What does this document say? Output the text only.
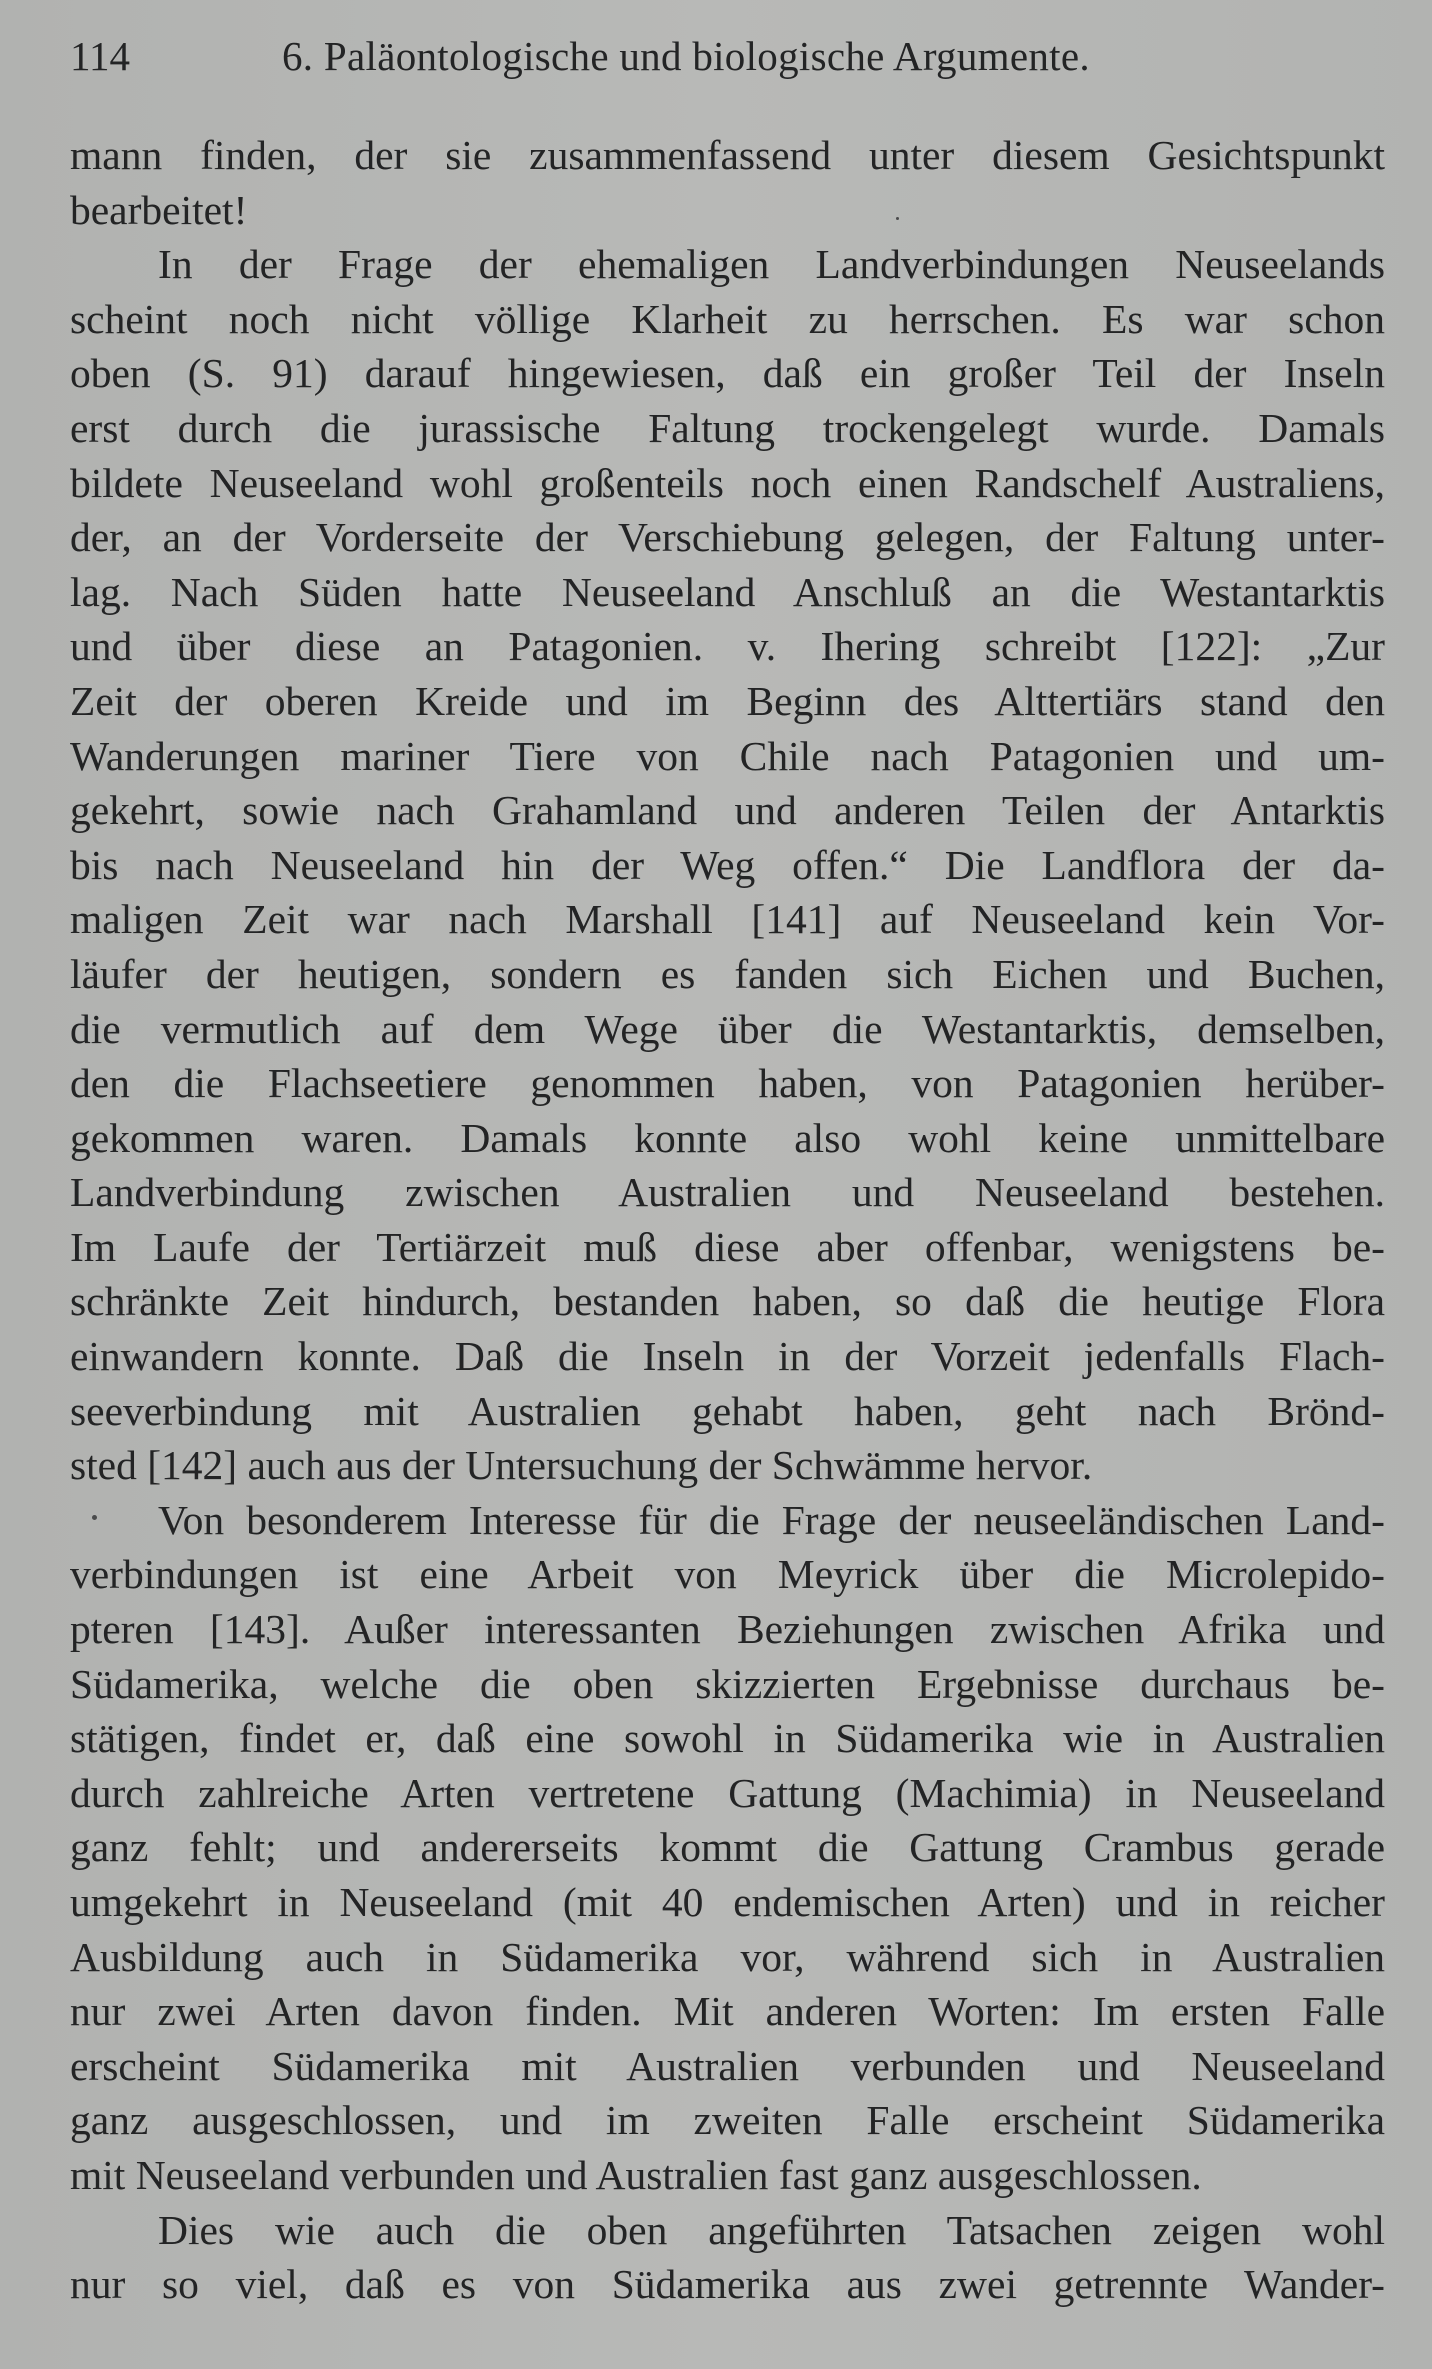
114	6. Paläontologische und biologische Argumente.
mann finden, der sie zusammenfassend unter diesem Gesichtspunkt
bearbeitet!
In der Frage der ehemaligen Landverbindungen Neuseelands
scheint noch nicht völlige Klarheit zu herrschen. Es war schon
oben (S. 91) darauf hingewiesen, daß ein großer Teil der Inseln
erst durch die jurassische Faltung trockengelegt wurde. Damals
bildete Neuseeland wohl großenteils noch einen Randschelf Australiens,
der, an der Vorderseite der Verschiebung gelegen, der Faltung unter-
lag. Nach Süden hatte Neuseeland Anschluß an die Westantarktis
und über diese an Patagonien. v. Ihering schreibt [122]: „Zur
Zeit der oberen Kreide und im Beginn des Alttertiärs stand den
Wanderungen mariner Tiere von Chile nach Patagonien und um-
gekehrt, sowie nach Grahamland und anderen Teilen der Antarktis
bis nach Neuseeland hin der Weg offen.“ Die Landflora der da-
maligen Zeit war nach Marshall [141] auf Neuseeland kein Vor-
läufer der heutigen, sondern es fanden sich Eichen und Buchen,
die vermutlich auf dem Wege über die Westantarktis, demselben,
den die Flachseetiere genommen haben, von Patagonien herüber-
gekommen waren. Damals konnte also wohl keine unmittelbare
Landverbindung zwischen Australien und Neuseeland bestehen.
Im Laufe der Tertiärzeit muß diese aber offenbar, wenigstens be-
schränkte Zeit hindurch, bestanden haben, so daß die heutige Flora
einwandern konnte. Daß die Inseln in der Vorzeit jedenfalls Flach-
seeverbindung mit Australien gehabt haben, geht nach Brönd-
sted [142] auch aus der Untersuchung der Schwämme hervor.
Von besonderem Interesse für die Frage der neuseeländischen Land-
verbindungen ist eine Arbeit von Meyrick über die Microlepido-
pteren [143]. Außer interessanten Beziehungen zwischen Afrika und
Südamerika, welche die oben skizzierten Ergebnisse durchaus be-
stätigen, findet er, daß eine sowohl in Südamerika wie in Australien
durch zahlreiche Arten vertretene Gattung (Machimia) in Neuseeland
ganz fehlt; und andererseits kommt die Gattung Crambus gerade
umgekehrt in Neuseeland (mit 40 endemischen Arten) und in reicher
Ausbildung auch in Südamerika vor, während sich in Australien
nur zwei Arten davon finden. Mit anderen Worten: Im ersten Falle
erscheint Südamerika mit Australien verbunden und Neuseeland
ganz ausgeschlossen, und im zweiten Falle erscheint Südamerika
mit Neuseeland verbunden und Australien fast ganz ausgeschlossen.
Dies wie auch die oben angeführten Tatsachen zeigen wohl
nur so viel, daß es von Südamerika aus zwei getrennte Wander-
